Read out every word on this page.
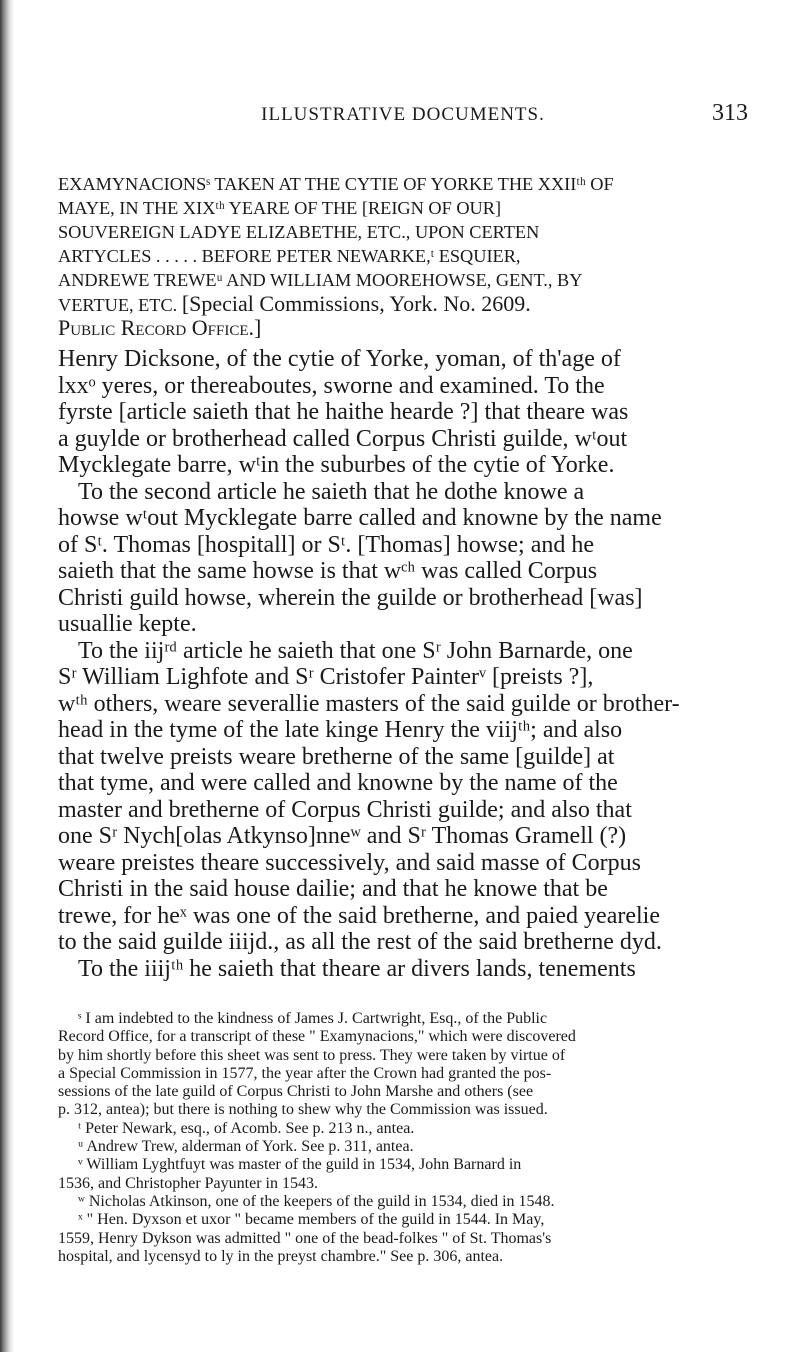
ILLUSTRATIVE DOCUMENTS.	313
EXAMYNACIONSˢ TAKEN AT THE CYTIE OF YORKE THE XXIIᵗʰ OF
MAYE, IN THE XIXᵗʰ YEARE OF THE [REIGN OF OUR]
SOUVEREIGN LADYE ELIZABETHE, ETC., UPON CERTEN
ARTYCLES . . . . . BEFORE PETER NEWARKE,ᵗ ESQUIER,
ANDREWE TREWEᵘ AND WILLIAM MOOREHOWSE, GENT., BY
VERTUE, ETC. [Special Commissions, York. No. 2609.
Public Record Office.]
Henry Dicksone, of the cytie of Yorke, yoman, of th'age of
lxxᵒ yeres, or thereaboutes, sworne and examined. To the
fyrste [article saieth that he haithe hearde ?] that theare was
a guylde or brotherhead called Corpus Christi guilde, wᵗout
Mycklegate barre, wᵗin the suburbes of the cytie of Yorke.
To the second article he saieth that he dothe knowe a
howse wᵗout Mycklegate barre called and knowne by the name
of Sᵗ. Thomas [hospitall] or Sᵗ. [Thomas] howse; and he
saieth that the same howse is that wᶜʰ was called Corpus
Christi guild howse, wherein the guilde or brotherhead [was]
usuallie kepte.
To the iijʳᵈ article he saieth that one Sʳ John Barnarde, one
Sʳ William Lighfote and Sʳ Cristofer Painterᵛ [preists ?],
wᵗʰ others, weare severallie masters of the said guilde or brother-
head in the tyme of the late kinge Henry the viijᵗʰ; and also
that twelve preists weare bretherne of the same [guilde] at
that tyme, and were called and knowne by the name of the
master and bretherne of Corpus Christi guilde; and also that
one Sʳ Nych[olas Atkynso]nneʷ and Sʳ Thomas Gramell (?)
weare preistes theare successively, and said masse of Corpus
Christi in the said house dailie; and that he knowe that be
trewe, for heˣ was one of the said bretherne, and paied yearelie
to the said guilde iiijd., as all the rest of the said bretherne dyd.
To the iiijᵗʰ he saieth that theare ar divers lands, tenements
ˢ I am indebted to the kindness of James J. Cartwright, Esq., of the Public
Record Office, for a transcript of these " Examynacions," which were discovered
by him shortly before this sheet was sent to press. They were taken by virtue of
a Special Commission in 1577, the year after the Crown had granted the pos-
sessions of the late guild of Corpus Christi to John Marshe and others (see
p. 312, antea); but there is nothing to shew why the Commission was issued.
ᵗ Peter Newark, esq., of Acomb. See p. 213 n., antea.
ᵘ Andrew Trew, alderman of York. See p. 311, antea.
ᵛ William Lyghtfuyt was master of the guild in 1534, John Barnard in
1536, and Christopher Payunter in 1543.
ʷ Nicholas Atkinson, one of the keepers of the guild in 1534, died in 1548.
ˣ " Hen. Dyxson et uxor " became members of the guild in 1544. In May,
1559, Henry Dykson was admitted " one of the bead-folkes " of St. Thomas's
hospital, and lycensyd to ly in the preyst chambre." See p. 306, antea.
